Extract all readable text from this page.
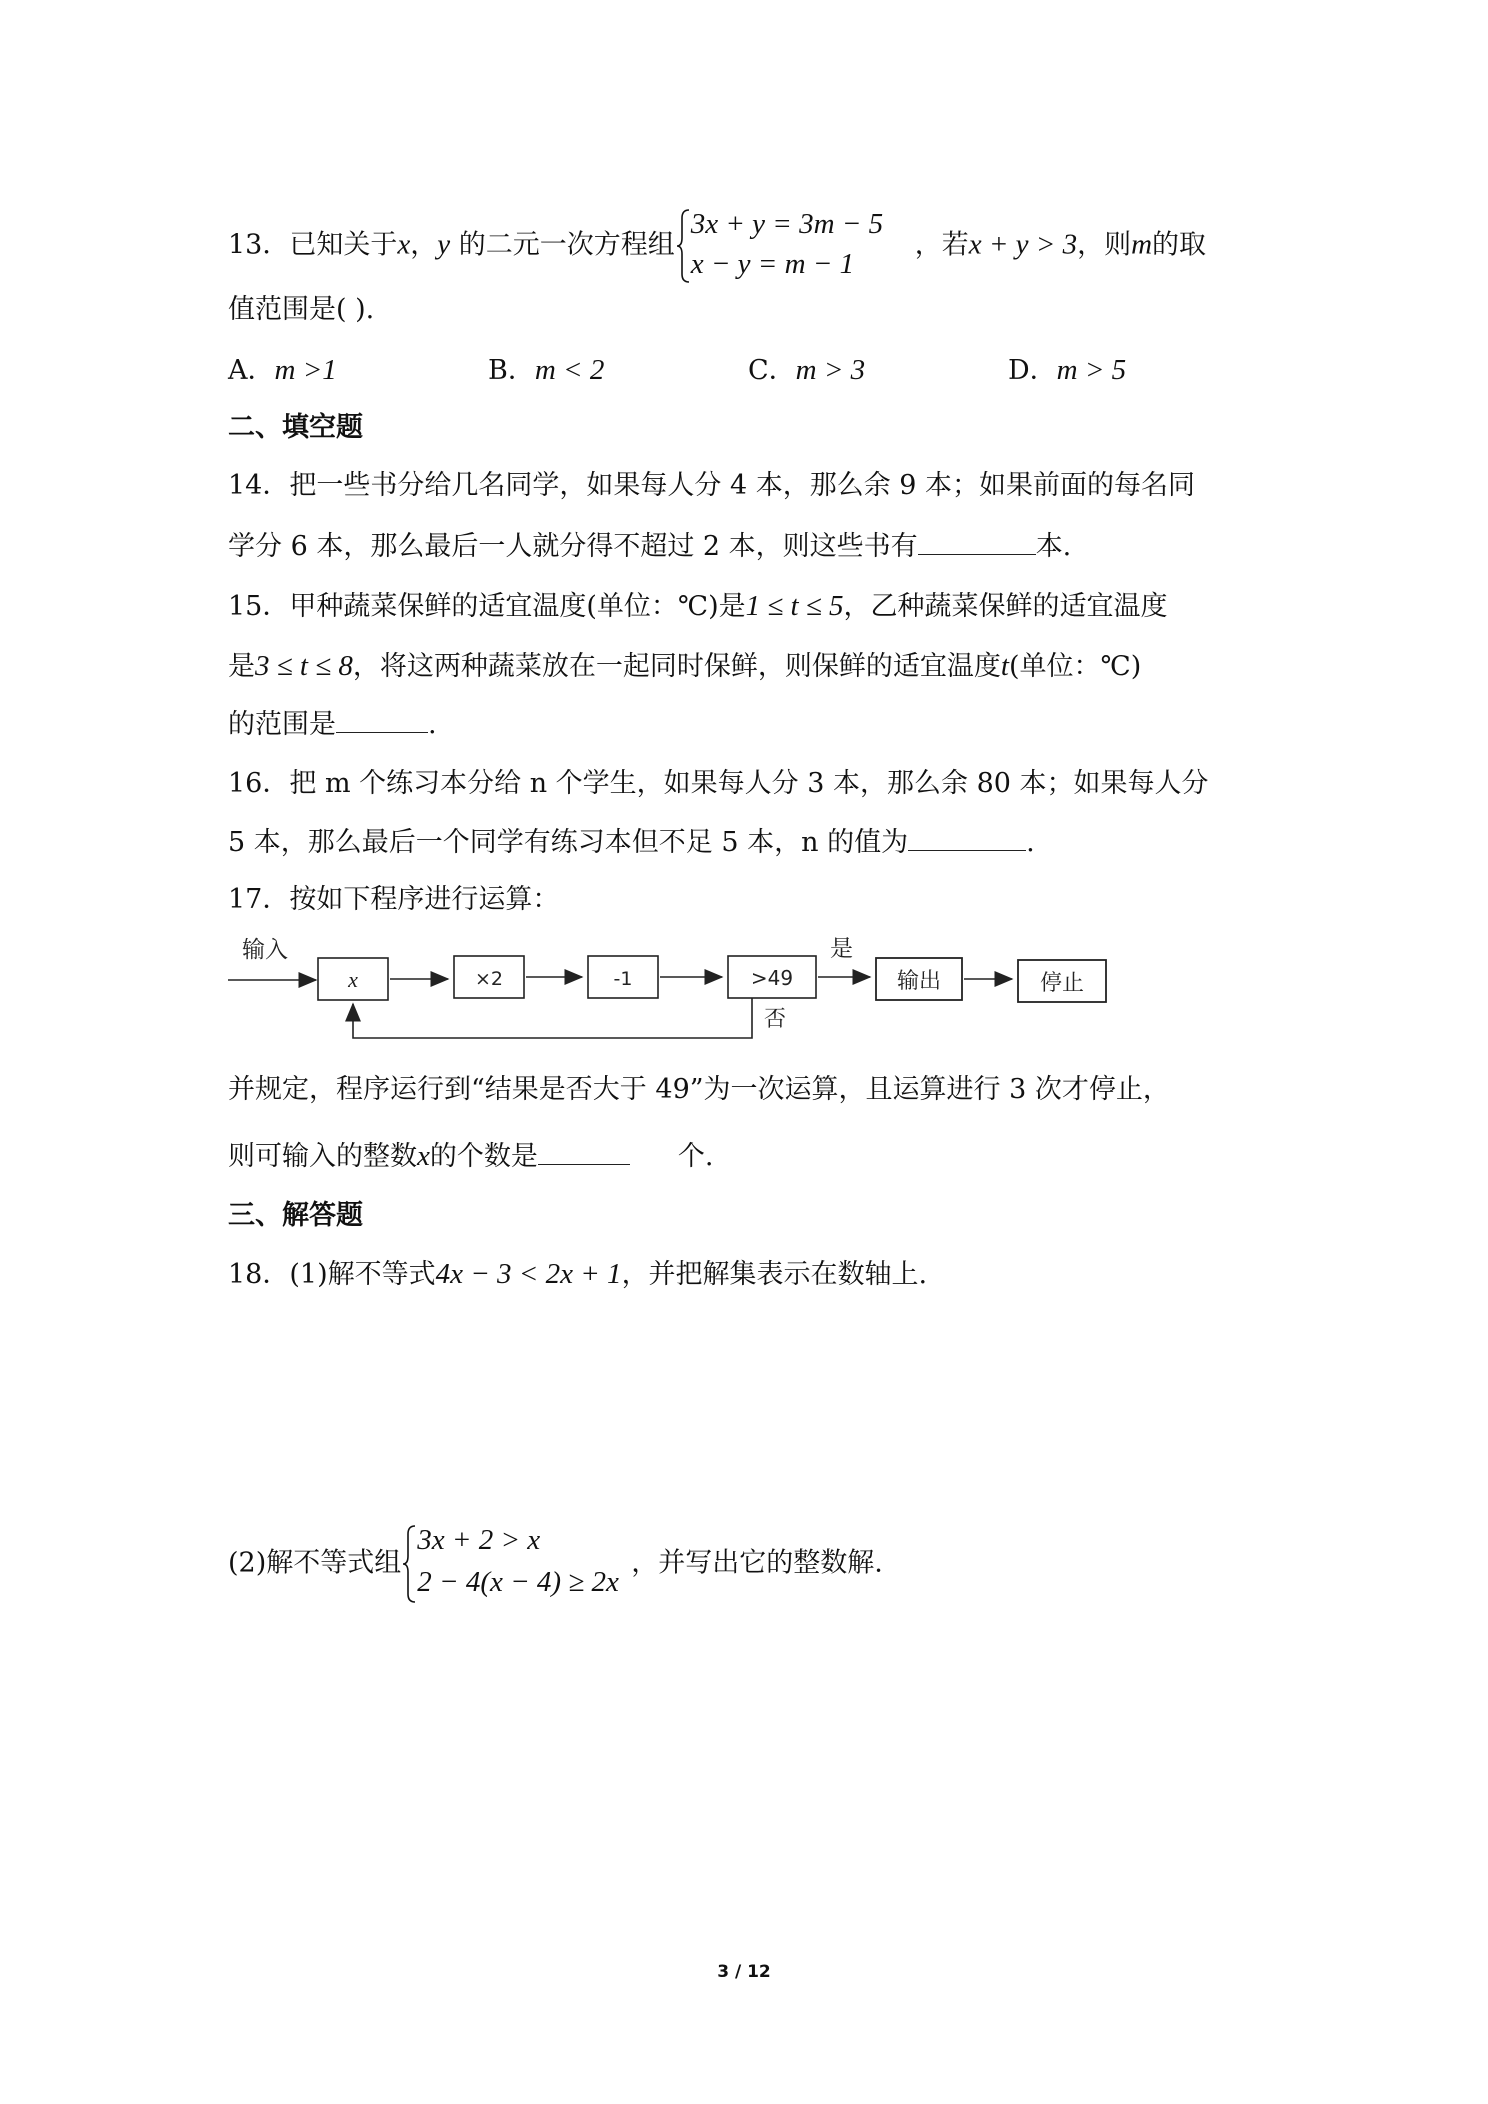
13．已知关于x，y 的二元一次方程组
3x + y = 3m − 5
x − y = m − 1
，若x + y > 3，则m的取
值范围是( ).
A．m >1	B．m < 2	C．m > 3	D．m > 5
二、填空题
14．把一些书分给几名同学，如果每人分 4 本，那么余 9 本；如果前面的每名同
学分 6 本，那么最后一人就分得不超过 2 本，则这些书有	本.
15．甲种蔬菜保鲜的适宜温度(单位：℃)是1 ≤ t ≤ 5，乙种蔬菜保鲜的适宜温度
是3 ≤ t ≤ 8，将这两种蔬菜放在一起同时保鲜，则保鲜的适宜温度t(单位：℃)
的范围是	.
16．把 m 个练习本分给 n 个学生，如果每人分 3 本，那么余 80 本；如果每人分
5 本，那么最后一个同学有练习本但不足 5 本，n 的值为	.
17．按如下程序进行运算：
输入
x	×2	-1	>49
是
输出	停止
否
并规定，程序运行到“结果是否大于 49”为一次运算，且运算进行 3 次才停止，
则可输入的整数x的个数是	个.
三、解答题
18．(1)解不等式4x − 3 < 2x + 1，并把解集表示在数轴上.
(2)解不等式组
3x + 2 > x
2 − 4(x − 4) ≥ 2x
，并写出它的整数解.
3 / 12
